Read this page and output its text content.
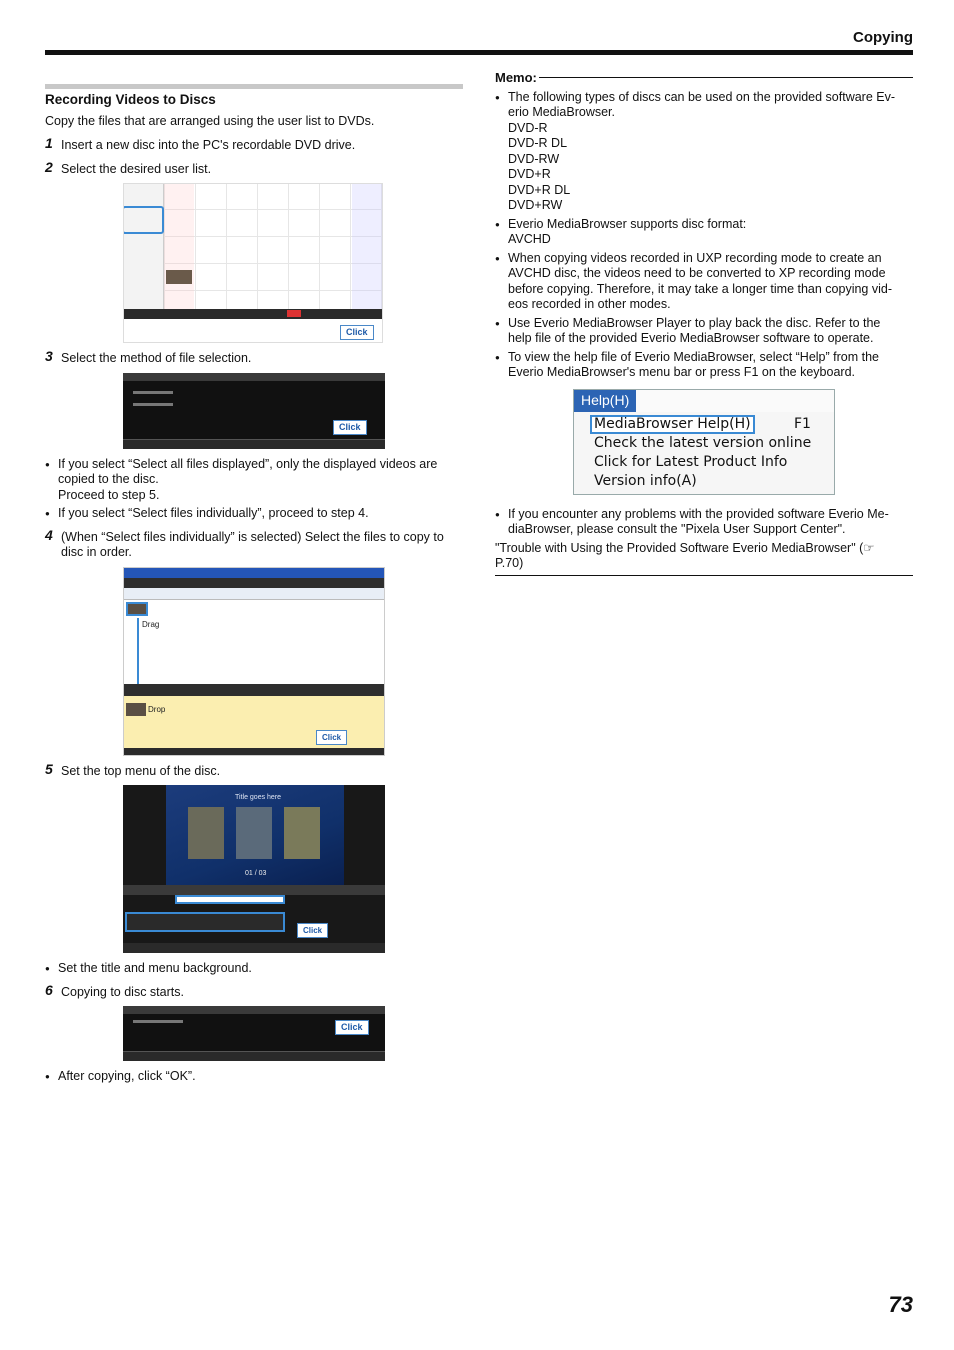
Copying
Recording Videos to Discs
Copy the files that are arranged using the user list to DVDs.
1 Insert a new disc into the PC's recordable DVD drive.
2 Select the desired user list.
Click
3 Select the method of file selection.
Click
● If you select “Select all files displayed”, only the displayed videos are
copied to the disc.
Proceed to step 5.
● If you select “Select files individually”, proceed to step 4.
4 (When “Select files individually” is selected) Select the files to copy to
disc in order.
Drag
Drop
Click
5 Set the top menu of the disc.
Title goes here
01 / 03
Click
● Set the title and menu background.
6 Copying to disc starts.
Click
● After copying, click “OK”.
Memo:
● The following types of discs can be used on the provided software Ev-
erio MediaBrowser.
DVD-R
DVD-R DL
DVD-RW
DVD+R
DVD+R DL
DVD+RW
● Everio MediaBrowser supports disc format:
AVCHD
● When copying videos recorded in UXP recording mode to create an
AVCHD disc, the videos need to be converted to XP recording mode
before copying. Therefore, it may take a longer time than copying vid-
eos recorded in other modes.
● Use Everio MediaBrowser Player to play back the disc. Refer to the
help file of the provided Everio MediaBrowser software to operate.
● To view the help file of Everio MediaBrowser, select “Help” from the
Everio MediaBrowser's menu bar or press F1 on the keyboard.
Help(H)
MediaBrowser Help(H)	F1
Check the latest version online
Click for Latest Product Info
Version info(A)
● If you encounter any problems with the provided software Everio Me-
diaBrowser, please consult the "Pixela User Support Center".
"Trouble with Using the Provided Software Everio MediaBrowser" (☞
P.70)
73
